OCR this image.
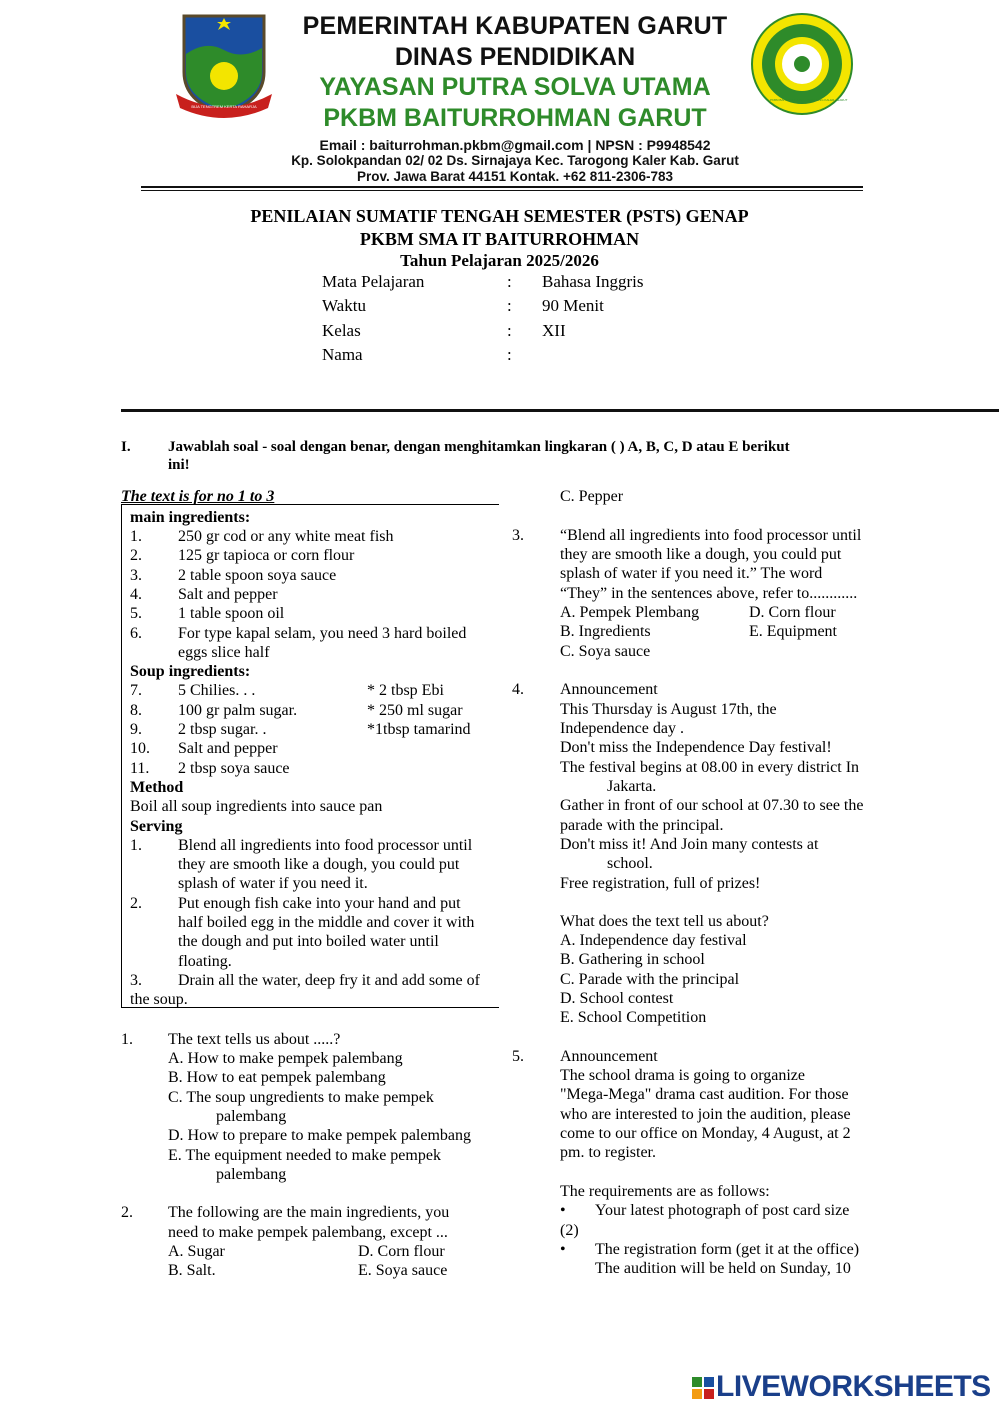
BIJA TENGTREM KERTA RAHARJA
PKBM BAITURROHMAN · TAROGONG KALER · GARUT
PEMERINTAH KABUPATEN GARUT
DINAS PENDIDIKAN
YAYASAN PUTRA SOLVA UTAMA
PKBM BAITURROHMAN GARUT
Email : baiturrohman.pkbm@gmail.com | NPSN : P9948542
Kp. Solokpandan 02/ 02 Ds. Sirnajaya Kec. Tarogong Kaler Kab. Garut
Prov. Jawa Barat 44151 Kontak. +62 811-2306-783
PENILAIAN SUMATIF TENGAH SEMESTER (PSTS) GENAP
PKBM SMA IT BAITURROHMAN
Tahun Pelajaran 2025/2026
Mata Pelajaran	: Bahasa Inggris
Waktu	: 90 Menit
Kelas	: XII
Nama	:
I. Jawablah soal - soal dengan benar, dengan menghitamkan lingkaran ( ) A, B, C, D atau E berikut
ini!
The text is for no 1 to 3
main ingredients:
1. 250 gr cod or any white meat fish
2. 125 gr tapioca or corn flour
3. 2 table spoon soya sauce
4. Salt and pepper
5. 1 table spoon oil
6. For type kapal selam, you need 3 hard boiled
eggs slice half
Soup ingredients:
7. 5 Chilies. . .	* 2 tbsp Ebi
8. 100 gr palm sugar.	* 250 ml sugar
9. 2 tbsp sugar. .	*1tbsp tamarind
10. Salt and pepper
11. 2 tbsp soya sauce
Method
Boil all soup ingredients into sauce pan
Serving
1. Blend all ingredients into food processor until
they are smooth like a dough, you could put
splash of water if you need it.
2. Put enough fish cake into your hand and put
half boiled egg in the middle and cover it with
the dough and put into boiled water until
floating.
3. Drain all the water, deep fry it and add some of
the soup.
1. The text tells us about .....?
A. How to make pempek palembang
B. How to eat pempek palembang
C. The soup ungredients to make pempek
palembang
D. How to prepare to make pempek palembang
E. The equipment needed to make pempek
palembang
2. The following are the main ingredients, you
need to make pempek palembang, except ...
A. Sugar	D. Corn flour
B. Salt.	E. Soya sauce
C. Pepper
3. “Blend all ingredients into food processor until
they are smooth like a dough, you could put
splash of water if you need it.” The word
“They” in the sentences above, refer to............
A. Pempek Plembang	D. Corn flour
B. Ingredients	E. Equipment
C. Soya sauce
4. Announcement
This Thursday is August 17th, the
Independence day .
Don't miss the Independence Day festival!
The festival begins at 08.00 in every district In
Jakarta.
Gather in front of our school at 07.30 to see the
parade with the principal.
Don't miss it! And Join many contests at
school.
Free registration, full of prizes!
What does the text tell us about?
A. Independence day festival
B. Gathering in school
C. Parade with the principal
D. School contest
E. School Competition
5. Announcement
The school drama is going to organize
"Mega-Mega" drama cast audition. For those
who are interested to join the audition, please
come to our office on Monday, 4 August, at 2
pm. to register.
The requirements are as follows:
• Your latest photograph of post card size
(2)
• The registration form (get it at the office)
The audition will be held on Sunday, 10
LIVEWORKSHEETS
